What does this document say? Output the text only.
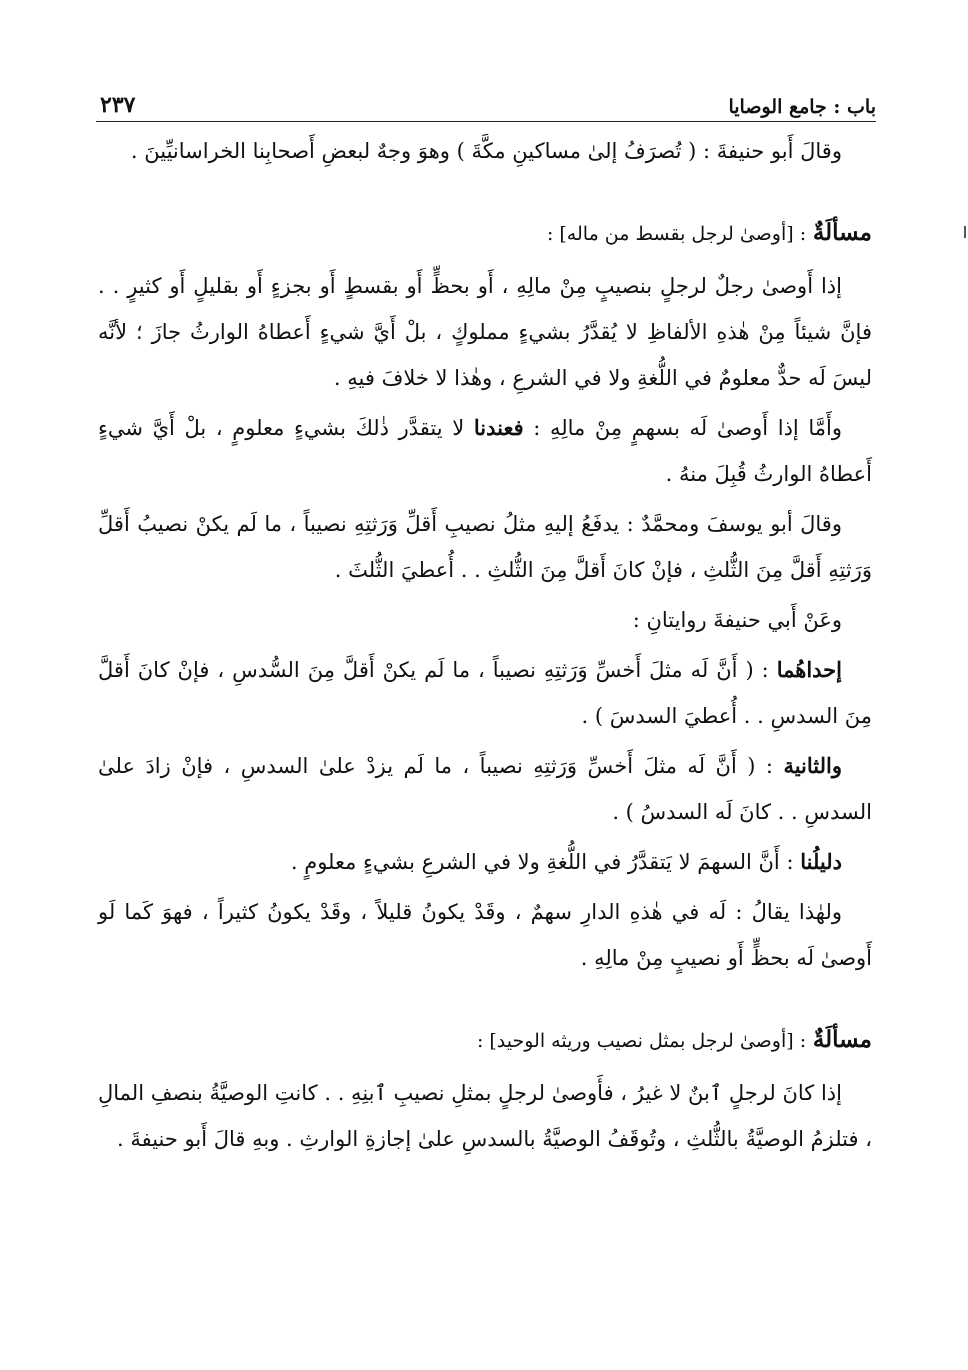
باب : جامع الوصايا
٢٣٧

وقالَ أَبو حنيفةَ : ( تُصرَفُ إلىٰ مساكينِ مكَّةَ ) وهوَ وجهٌ لبعضِ أَصحابِنا الخراسانيِّينَ .

مسألَةٌ : [أوصىٰ لرجل بقسط من ماله] :

إذا أَوصىٰ رجلٌ لرجلٍ بنصيبٍ مِنْ مالِهِ ، أَو بحظٍّ أَو بقسطٍ أَو بجزءٍ أَو بقليلٍ أَو كثيرٍ . . فإنَّ شيئاً مِنْ هٰذهِ الألفاظِ لا يُقدَّرُ بشيءٍ مملوكٍ ، بلْ أَيَّ شيءٍ أَعطاهُ الوارثُ جازَ ؛ لأنَّه ليسَ لَه حدٌّ معلومٌ في اللُّغةِ ولا في الشرعِ ، وهٰذا لا خلافَ فيهِ .

وأَمَّا إذا أَوصىٰ لَه بسهمٍ مِنْ مالِهِ : فعندنا لا يتقدَّر ذٰلكَ بشيءٍ معلومٍ ، بلْ أَيَّ شيءٍ أَعطاهُ الوارثُ قُبِلَ منهُ .

وقالَ أبو يوسفَ ومحمَّدٌ : يدفَعُ إليهِ مثلُ نصيبِ أَقلِّ وَرَثتِهِ نصيباً ، ما لَم يكنْ نصيبُ أَقلِّ وَرَثتِهِ أَقلَّ مِنَ الثُّلثِ ، فإنْ كانَ أَقلَّ مِنَ الثُّلثِ . . أُعطيَ الثُّلثَ .

وعَنْ أَبي حنيفةَ روايتانِ :

إحداهُما : ( أَنَّ لَه مثلَ أَخسِّ وَرَثتِهِ نصيباً ، ما لَم يكنْ أَقلَّ مِنَ السُّدسِ ، فإنْ كانَ أَقلَّ مِنَ السدسِ . . أُعطيَ السدسَ ) .

والثانية : ( أَنَّ لَه مثلَ أَخسِّ وَرَثتِهِ نصيباً ، ما لَم يزدْ علىٰ السدسِ ، فإنْ زادَ علىٰ السدسِ . . كانَ لَه السدسُ ) .

دليلُنا : أَنَّ السهمَ لا يَتقدَّرُ في اللُّغةِ ولا في الشرعِ بشيءٍ معلومٍ .

ولهٰذا يقالُ : لَه في هٰذهِ الدارِ سهمٌ ، وقَدْ يكونُ قليلاً ، وقَدْ يكونُ كثيراً ، فهوَ كَما لَو أَوصىٰ لَه بحظٍّ أَو نصيبٍ مِنْ مالِهِ .

مسألَةٌ : [أوصىٰ لرجل بمثل نصيب وريثه الوحيد] :

إذا كانَ لرجلٍ ٱبنٌ لا غيرُ ، فأَوصىٰ لرجلٍ بمثلِ نصيبِ ٱبنِهِ . . كانتِ الوصيَّةُ بنصفِ المالِ ، فتلزمُ الوصيَّةُ بالثُّلثِ ، وتُوقَفُ الوصيَّةُ بالسدسِ علىٰ إجازةِ الوارثِ . وبهِ قالَ أَبو حنيفةَ .
